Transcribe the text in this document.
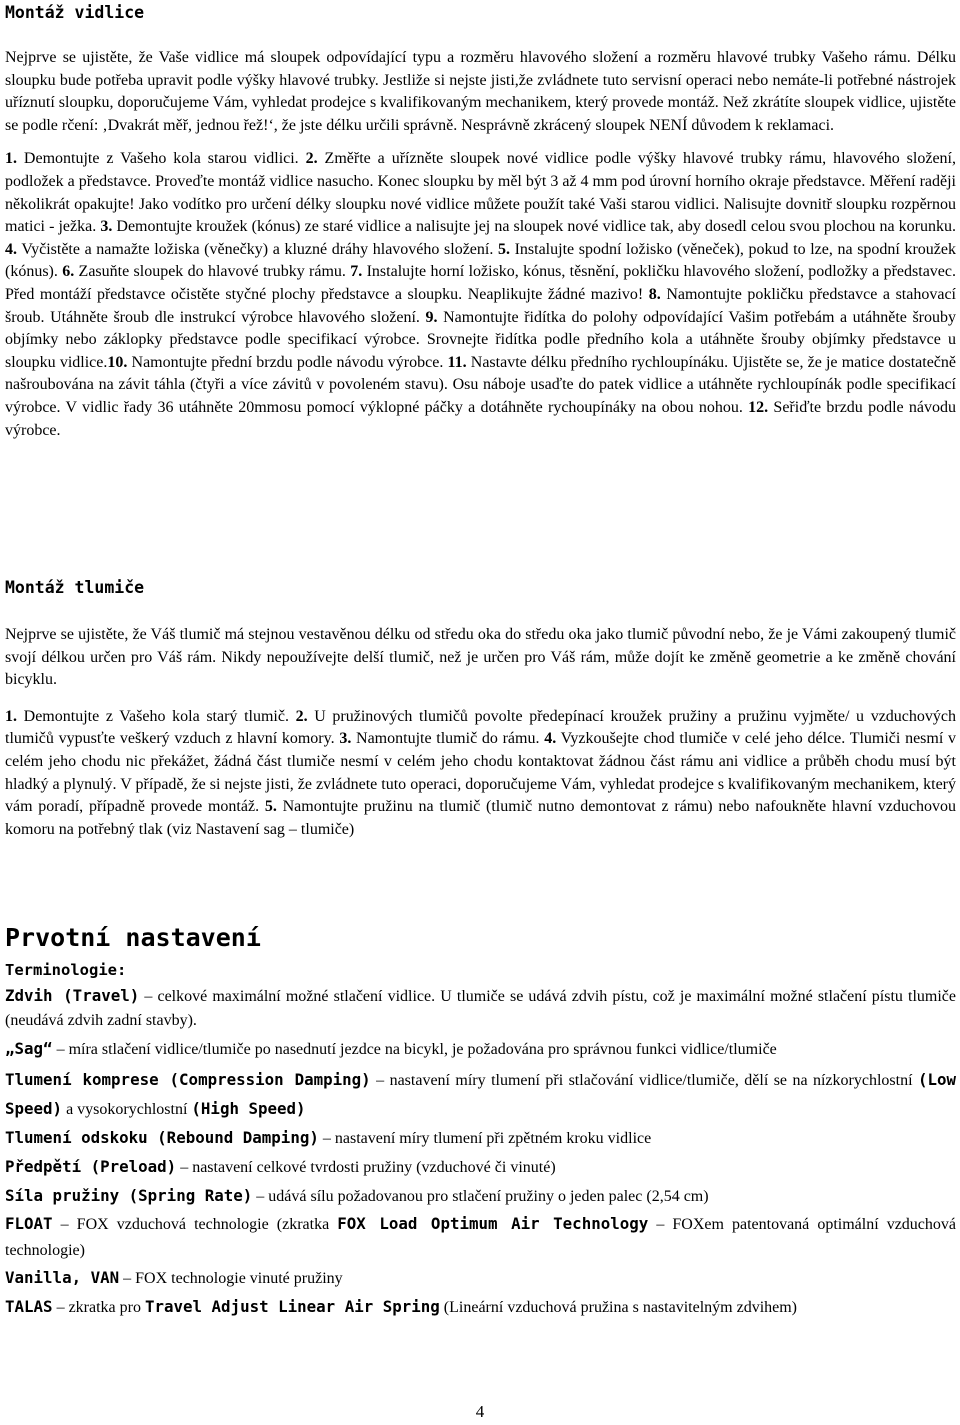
Montáž vidlice

Nejprve se ujistěte, že Vaše vidlice má sloupek odpovídající typu a rozměru hlavového složení a rozměru hlavové trubky Vašeho rámu. Délku sloupku bude potřeba upravit podle výšky hlavové trubky. Jestliže si nejste jisti,že zvládnete tuto servisní operaci nebo nemáte-li potřebné nástrojek uříznutí sloupku, doporučujeme Vám, vyhledat prodejce s kvalifikovaným mechanikem, který provede montáž. Než zkrátíte sloupek vidlice, ujistěte se podle rčení: ‚Dvakrát měř, jednou řež!‘, že jste délku určili správně. Nesprávně zkrácený sloupek NENÍ důvodem k reklamaci.

1. Demontujte z Vašeho kola starou vidlici. 2. Změřte a uřízněte sloupek nové vidlice podle výšky hlavové trubky rámu, hlavového složení, podložek a představce. Proveďte montáž vidlice nasucho. Konec sloupku by měl být 3 až 4 mm pod úrovní horního okraje představce. Měření raději několikrát opakujte! Jako vodítko pro určení délky sloupku nové vidlice můžete použít také Vaši starou vidlici. Nalisujte dovnitř sloupku rozpěrnou matici - ježka. 3. Demontujte kroužek (kónus) ze staré vidlice a nalisujte jej na sloupek nové vidlice tak, aby dosedl celou svou plochou na korunku. 4. Vyčistěte a namažte ložiska (věnečky) a kluzné dráhy hlavového složení. 5. Instalujte spodní ložisko (věneček), pokud to lze, na spodní kroužek (kónus). 6. Zasuňte sloupek do hlavové trubky rámu. 7. Instalujte horní ložisko, kónus, těsnění, pokličku hlavového složení, podložky a představec. Před montáží představce očistěte styčné plochy představce a sloupku. Neaplikujte žádné mazivo! 8. Namontujte pokličku představce a stahovací šroub. Utáhněte šroub dle instrukcí výrobce hlavového složení. 9. Namontujte řidítka do polohy odpovídající Vašim potřebám a utáhněte šrouby objímky nebo záklopky představce podle specifikací výrobce. Srovnejte řidítka podle předního kola a utáhněte šrouby objímky představce u sloupku vidlice.10. Namontujte přední brzdu podle návodu výrobce. 11. Nastavte délku předního rychloupínáku. Ujistěte se, že je matice dostatečně našroubována na závit táhla (čtyři a více závitů v povoleném stavu). Osu náboje usaďte do patek vidlice a utáhněte rychloupínák podle specifikací výrobce. V vidlic řady 36 utáhněte 20mmosu pomocí výklopné páčky a dotáhněte rychoupínáky na obou nohou. 12. Seřiďte brzdu podle návodu výrobce.

Montáž tlumiče

Nejprve se ujistěte, že Váš tlumič má stejnou vestavěnou délku od středu oka do středu oka jako tlumič původní nebo, že je Vámi zakoupený tlumič svojí délkou určen pro Váš rám. Nikdy nepoužívejte delší tlumič, než je určen pro Váš rám, může dojít ke změně geometrie a ke změně chování bicyklu.

1. Demontujte z Vašeho kola starý tlumič. 2. U pružinových tlumičů povolte předepínací kroužek pružiny a pružinu vyjměte/ u vzduchových tlumičů vypusťte veškerý vzduch z hlavní komory. 3. Namontujte tlumič do rámu. 4. Vyzkoušejte chod tlumiče v celé jeho délce. Tlumiči nesmí v celém jeho chodu nic překážet, žádná část tlumiče nesmí v celém jeho chodu kontaktovat žádnou část rámu ani vidlice a průběh chodu musí být hladký a plynulý. V případě, že si nejste jisti, že zvládnete tuto operaci, doporučujeme Vám, vyhledat prodejce s kvalifikovaným mechanikem, který vám poradí, případně provede montáž. 5. Namontujte pružinu na tlumič (tlumič nutno demontovat z rámu) nebo nafoukněte hlavní vzduchovou komoru na potřebný tlak (viz Nastavení sag – tlumiče)

Prvotní nastavení
Terminologie:

Zdvih (Travel) – celkové maximální možné stlačení vidlice. U tlumiče se udává zdvih pístu, což je maximální možné stlačení pístu tlumiče (neudává zdvih zadní stavby).

„Sag“ – míra stlačení vidlice/tlumiče po nasednutí jezdce na bicykl, je požadována pro správnou funkci vidlice/tlumiče

Tlumení komprese (Compression Damping) – nastavení míry tlumení při stlačování vidlice/tlumiče, dělí se na nízkorychlostní (Low Speed) a vysokorychlostní (High Speed)

Tlumení odskoku (Rebound Damping) – nastavení míry tlumení při zpětném kroku vidlice

Předpětí (Preload) – nastavení celkové tvrdosti pružiny (vzduchové či vinuté)

Síla pružiny (Spring Rate) – udává sílu požadovanou pro stlačení pružiny o jeden palec (2,54 cm)

FLOAT – FOX vzduchová technologie (zkratka FOX Load Optimum Air Technology – FOXem patentovaná optimální vzduchová technologie)

Vanilla, VAN – FOX technologie vinuté pružiny

TALAS – zkratka pro Travel Adjust Linear Air Spring (Lineární vzduchová pružina s nastavitelným zdvihem)

4
